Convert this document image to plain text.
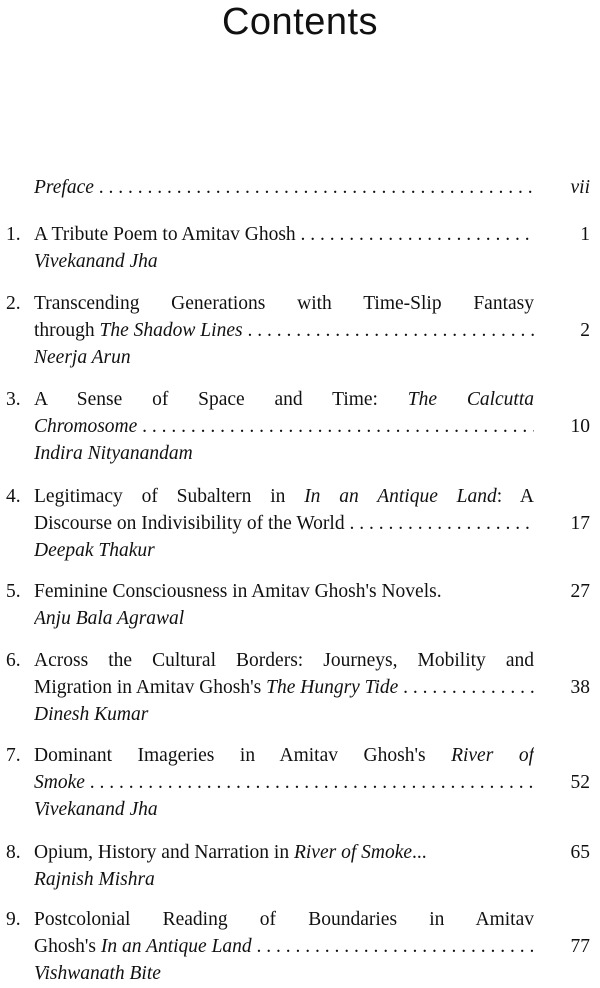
Contents
Preface . . .	vii
1. A Tribute Poem to Amitav Ghosh . . .
Vivekanand Jha
1
2. Transcending Generations with Time-Slip Fantasy
through The Shadow Lines . . .
Neerja Arun
2
3. A Sense of Space and Time: The Calcutta
Chromosome . . .
Indira Nityanandam
10
4. Legitimacy of Subaltern in In an Antique Land: A
Discourse on Indivisibility of the World . . .
Deepak Thakur
17
5. Feminine Consciousness in Amitav Ghosh's Novels.
Anju Bala Agrawal
27
6. Across the Cultural Borders: Journeys, Mobility and
Migration in Amitav Ghosh's The Hungry Tide . . .
Dinesh Kumar
38
7. Dominant Imageries in Amitav Ghosh's River of
Smoke . . .
Vivekanand Jha
52
8. Opium, History and Narration in River of Smoke...
Rajnish Mishra
65
9. Postcolonial Reading of Boundaries in Amitav
Ghosh's In an Antique Land . . .
Vishwanath Bite
77
